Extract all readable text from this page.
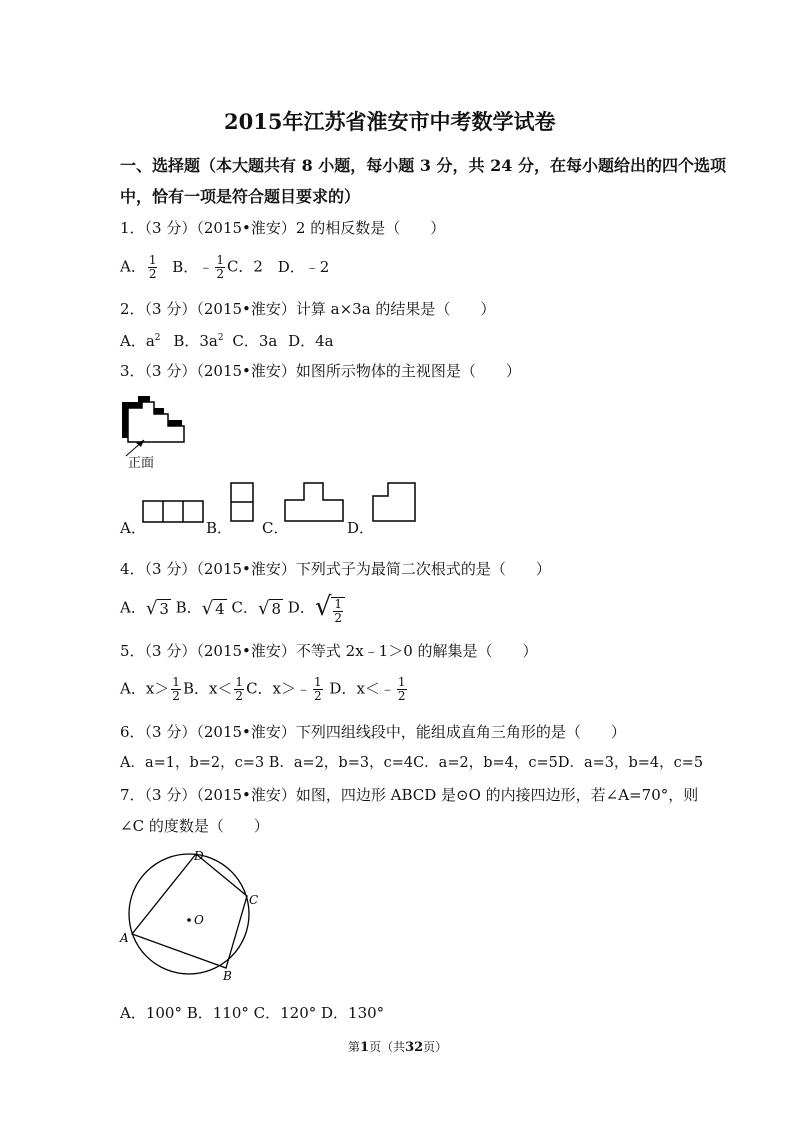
2015年江苏省淮安市中考数学试卷
一、选择题（本大题共有 8 小题，每小题 3 分，共 24 分，在每小题给出的四个选项
中，恰有一项是符合题目要求的）
1．（3 分）（2015•淮安）2 的相反数是（　　）
A． $\frac{1}{2}$ B．﹣ $\frac{1}{2}$ C．2 D．﹣2
2．（3 分）（2015•淮安）计算 a×3a 的结果是（　　）
A．$a^2$ B．$3a^2$ C．3a D．4a
3．（3 分）（2015•淮安）如图所示物体的主视图是（　　）
正面
A．	B． C．	D．
4．（3 分）（2015•淮安）下列式子为最简二次根式的是（　　）
A．√ 3 B．√ 4 C．√ 8 D．√ $\frac{1}{2}$
5．（3 分）（2015•淮安）不等式 2x﹣1＞0 的解集是（　　）
A．$x> \frac{1}{2}$ B．$x< \frac{1}{2}$ C．x＞﹣ $\frac{1}{2}$ D．x＜﹣ $\frac{1}{2}$
6．（3 分）（2015•淮安）下列四组线段中，能组成直角三角形的是（　　）
A．a=1，b=2，c=3 B．a=2，b=3，c=4C．a=2，b=4，c=5D．a=3，b=4，c=5
7．（3 分）（2015•淮安）如图，四边形 ABCD 是⊙O 的内接四边形，若∠A=70°，则
∠C 的度数是（　　）
O
A
B
C
D
A．100° B．110° C．120° D．130°
第1页（共32页）
